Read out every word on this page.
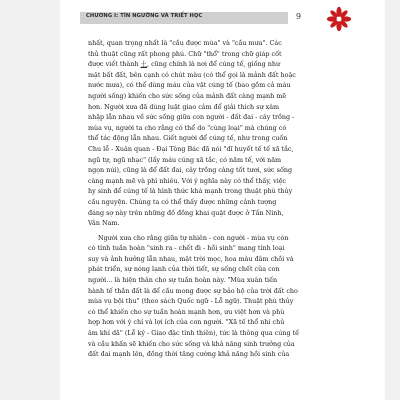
CHƯƠNG I: TÍN NGƯỠNG VÀ TRIẾT HỌC	9
nhất, quan trọng nhất là "cầu được mùa" và "cầu mưa". Các
thủ thuật cũng rất phong phú. Chữ "thổ" trong chữ giáp cốt
được viết thành 土, cũng chính là nơi để cúng tế, giống như
mặt bất đất, bên cạnh có chút màu (có thể gọi là mảnh đất hoặc
nước mưa), có thể dùng máu của vật cúng tế (bao gồm cả máu
người sống) khiến cho sức sống của mảnh đất càng mạnh mẽ
hơn. Người xưa đã dùng luật giao cảm để giải thích sự xâm
nhập lẫn nhau về sức sống giữa con người - đất đai - cây trồng -
mùa vụ, người ta cho rằng có thể do "cùng loại" mà chúng có
thể tác động lẫn nhau. Giết người để cúng tế, như trong cuốn
Chu lễ - Xuân quan - Đại Tông Bác đã nói "dĩ huyết tế tế xã tắc,
ngũ tự, ngũ nhạc" (lấy máu cúng xã tắc, có năm tế, với năm
ngọn núi), cũng là để đất đai, cây trồng càng tốt tươi, sức sống
càng mạnh mẽ và phì nhiêu. Với ý nghĩa này có thể thấy, việc
hy sinh để cúng tế là hình thức khá mạnh trong thuật phù thủy
cầu nguyện. Chúng ta có thể thấy được những cảnh tượng
đáng sợ này trên những đồ đồng khai quật được ở Tấn Ninh,
Vân Nam.
Người xưa cho rằng giữa tự nhiên - con người - mùa vụ còn
có tính tuần hoàn "sinh ra - chết đi - hồi sinh" mang tính loại
suy và ảnh hưởng lẫn nhau, mặt trời mọc, hoa màu đâm chồi và
phát triển, sự nóng lạnh của thời tiết, sự sống chết của con
người... là hiện thân cho sự tuần hoàn này. "Mùa xuân tiến
hành tế thần đất là để cầu mong được sự bảo hộ của trời đất cho
mùa vụ bội thu" (theo sách Quốc ngữ - Lỗ ngữ). Thuật phù thủy
có thể khiến cho sự tuần hoàn mạnh hơn, ưu việt hơn và phù
hợp hơn với ý chí và lợi ích của con người. "Xã tế thổ nhi chủ
âm khí dã" (Lễ ký - Giao đặc tính thiên), tức là thông qua cúng tế
và cầu khấn sẽ khiến cho sức sống và khả năng sinh trưởng của
đất đai mạnh lên, đồng thời tăng cường khả năng hồi sinh của
